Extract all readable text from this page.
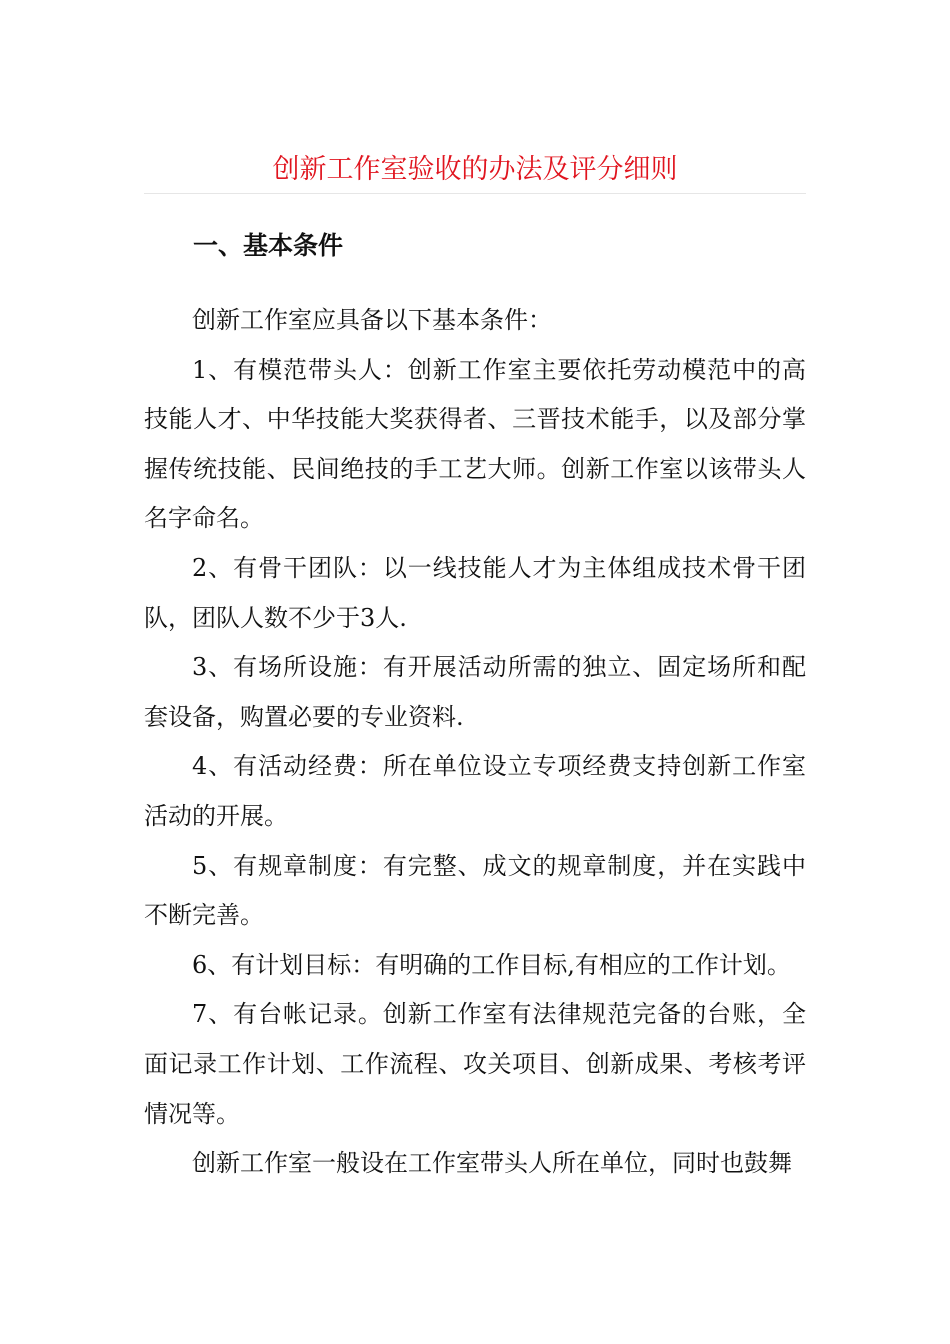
创新工作室验收的办法及评分细则
一、基本条件

创新工作室应具备以下基本条件：

1、有模范带头人：创新工作室主要依托劳动模范中的高技能人才、中华技能大奖获得者、三晋技术能手，以及部分掌握传统技能、民间绝技的手工艺大师。创新工作室以该带头人名字命名。

2、有骨干团队：以一线技能人才为主体组成技术骨干团队，团队人数不少于3人.

3、有场所设施：有开展活动所需的独立、固定场所和配套设备，购置必要的专业资料.

4、有活动经费：所在单位设立专项经费支持创新工作室活动的开展。

5、有规章制度：有完整、成文的规章制度，并在实践中不断完善。

6、有计划目标：有明确的工作目标,有相应的工作计划。

7、有台帐记录。创新工作室有法律规范完备的台账，全面记录工作计划、工作流程、攻关项目、创新成果、考核考评情况等。

创新工作室一般设在工作室带头人所在单位，同时也鼓舞
